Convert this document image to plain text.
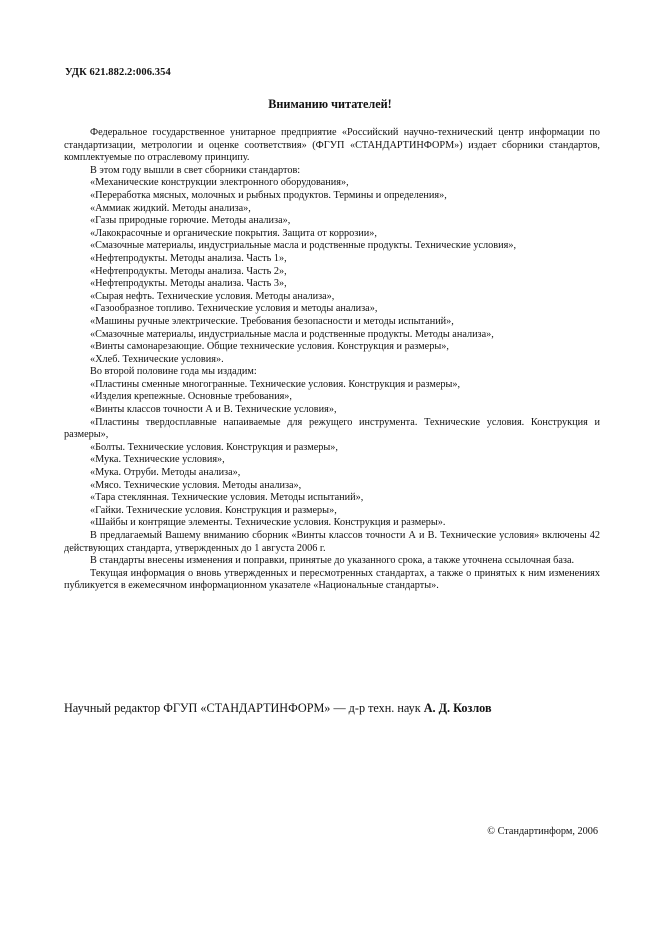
УДК 621.882.2:006.354
Вниманию читателей!

Федеральное государственное унитарное предприятие «Российский научно-технический центр информации по стандартизации, метрологии и оценке соответствия» (ФГУП «СТАНДАРТИНФОРМ») издает сборники стандартов, комплектуемые по отраслевому принципу.

В этом году вышли в свет сборники стандартов:

«Механические конструкции электронного оборудования»,
«Переработка мясных, молочных и рыбных продуктов. Термины и определения»,
«Аммиак жидкий. Методы анализа»,
«Газы природные горючие. Методы анализа»,
«Лакокрасочные и органические покрытия. Защита от коррозии»,
«Смазочные материалы, индустриальные масла и родственные продукты. Технические условия»,
«Нефтепродукты. Методы анализа. Часть 1»,
«Нефтепродукты. Методы анализа. Часть 2»,
«Нефтепродукты. Методы анализа. Часть 3»,
«Сырая нефть. Технические условия. Методы анализа»,
«Газообразное топливо. Технические условия и методы анализа»,
«Машины ручные электрические. Требования безопасности и методы испытаний»,
«Смазочные материалы, индустриальные масла и родственные продукты. Методы анализа»,
«Винты самонарезающие. Общие технические условия. Конструкция и размеры»,
«Хлеб. Технические условия».

Во второй половине года мы издадим:

«Пластины сменные многогранные. Технические условия. Конструкция и размеры»,
«Изделия крепежные. Основные требования»,
«Винты классов точности А и В. Технические условия»,
«Пластины твердосплавные напаиваемые для режущего инструмента. Технические условия. Конструкция и размеры»,
«Болты. Технические условия. Конструкция и размеры»,
«Мука. Технические условия»,
«Мука. Отруби. Методы анализа»,
«Мясо. Технические условия. Методы анализа»,
«Тара стеклянная. Технические условия. Методы испытаний»,
«Гайки. Технические условия. Конструкция и размеры»,
«Шайбы и контрящие элементы. Технические условия. Конструкция и размеры».

В предлагаемый Вашему вниманию сборник «Винты классов точности А и В. Технические условия» включены 42 действующих стандарта, утвержденных до 1 августа 2006 г.

В стандарты внесены изменения и поправки, принятые до указанного срока, а также уточнена ссылочная база.

Текущая информация о вновь утвержденных и пересмотренных стандартах, а также о принятых к ним изменениях публикуется в ежемесячном информационном указателе «Национальные стандарты».

Научный редактор ФГУП «СТАНДАРТИНФОРМ» — д-р техн. наук А. Д. Козлов
© Стандартинформ, 2006
